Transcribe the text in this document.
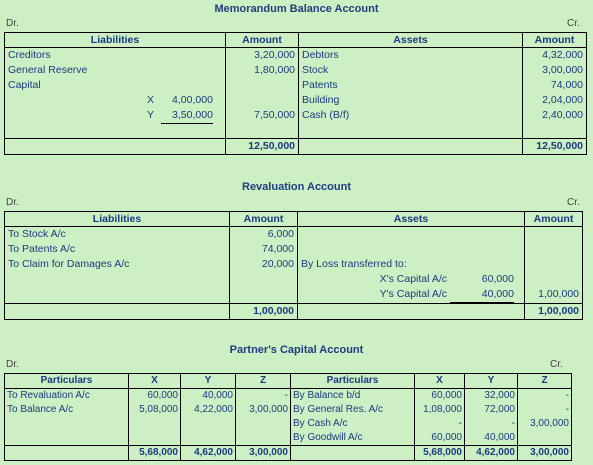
Memorandum Balance Account
Dr.	Cr.
Liabilities	Amount	Assets	Amount
Creditors	3,20,000	Debtors	4,32,000
General Reserve	1,80,000	Stock	3,00,000
Capital		Patents	74,000
X 4,00,000		Building	2,04,000
Y 3,50,000	7,50,000	Cash (B/f)	2,40,000

	12,50,000		12,50,000
Revaluation Account
Dr.	Cr.
Liabilities	Amount	Assets	Amount
To Stock A/c	6,000		
To Patents A/c	74,000		
To Claim for Damages A/c	20,000	By Loss transferred to:	
		X's Capital A/c 60,000	
		Y's Capital A/c 40,000	1,00,000
	1,00,000		1,00,000
Partner's Capital Account
Dr.	Cr.
Particulars	X	Y	Z	Particulars	X	Y	Z
To Revaluation A/c	60,000	40,000	-	By Balance b/d	60,000	32,000	-
To Balance A/c	5,08,000	4,22,000	3,00,000	By General Res. A/c	1,08,000	72,000	-
				By Cash A/c	-	-	3,00,000
				By Goodwill A/c	60,000	40,000	
	5,68,000	4,62,000	3,00,000		5,68,000	4,62,000	3,00,000
